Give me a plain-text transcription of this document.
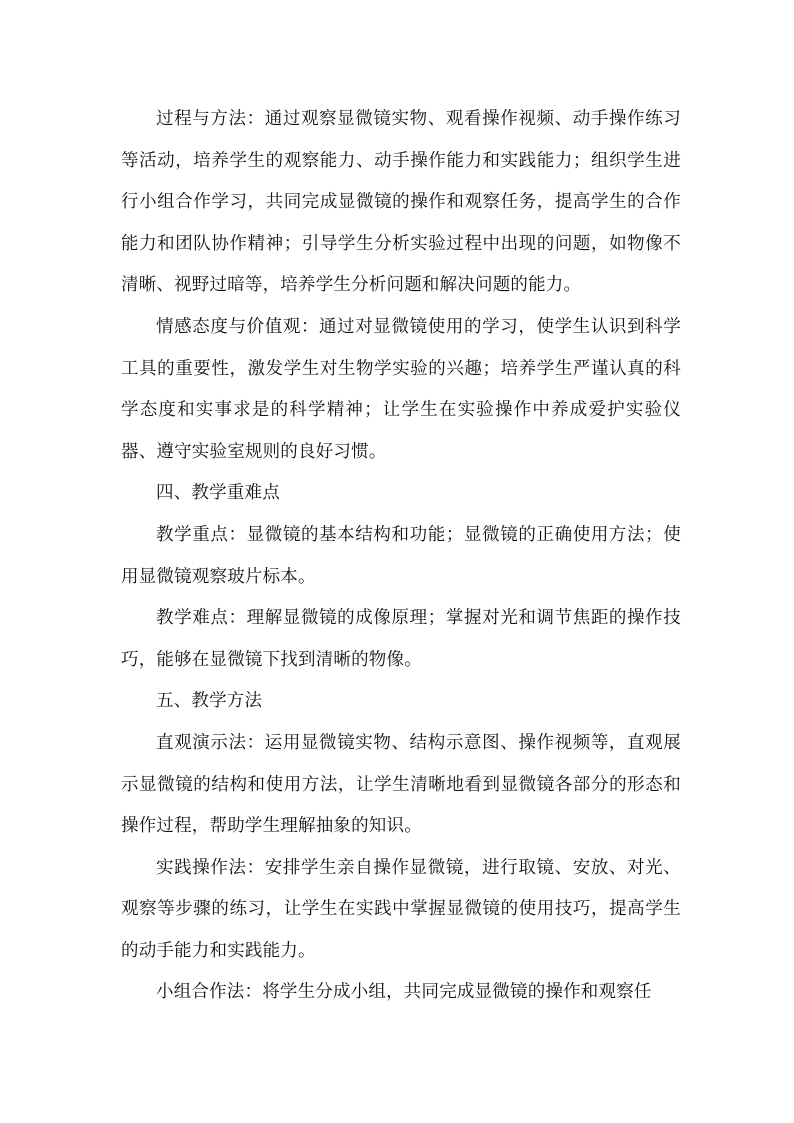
过程与方法：通过观察显微镜实物、观看操作视频、动手操作练习等活动，培养学生的观察能力、动手操作能力和实践能力；组织学生进行小组合作学习，共同完成显微镜的操作和观察任务，提高学生的合作能力和团队协作精神；引导学生分析实验过程中出现的问题，如物像不清晰、视野过暗等，培养学生分析问题和解决问题的能力。

情感态度与价值观：通过对显微镜使用的学习，使学生认识到科学工具的重要性，激发学生对生物学实验的兴趣；培养学生严谨认真的科学态度和实事求是的科学精神；让学生在实验操作中养成爱护实验仪器、遵守实验室规则的良好习惯。

四、教学重难点

教学重点：显微镜的基本结构和功能；显微镜的正确使用方法；使用显微镜观察玻片标本。

教学难点：理解显微镜的成像原理；掌握对光和调节焦距的操作技巧，能够在显微镜下找到清晰的物像。

五、教学方法

直观演示法：运用显微镜实物、结构示意图、操作视频等，直观展示显微镜的结构和使用方法，让学生清晰地看到显微镜各部分的形态和操作过程，帮助学生理解抽象的知识。

实践操作法：安排学生亲自操作显微镜，进行取镜、安放、对光、观察等步骤的练习，让学生在实践中掌握显微镜的使用技巧，提高学生的动手能力和实践能力。

小组合作法：将学生分成小组，共同完成显微镜的操作和观察任
